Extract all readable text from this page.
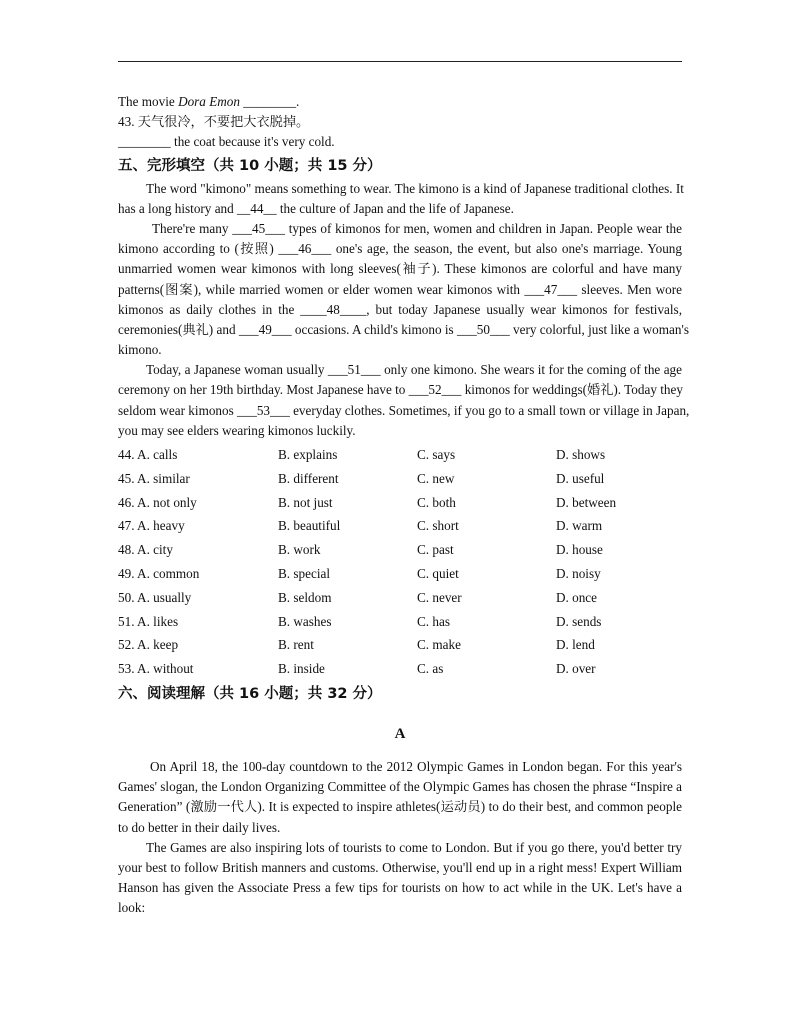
The movie Dora Emon ________.
43. 天气很冷，不要把大衣脱掉。
________ the coat because it's very cold.
五、完形填空（共 10 小题；共 15 分）
The word "kimono" means something to wear. The kimono is a kind of Japanese traditional clothes. It
has a long history and __44__ the culture of Japan and the life of Japanese.
There're many ___45___ types of kimonos for men, women and children in Japan. People wear the
kimono according to (按照) ___46___ one's age, the season, the event, but also one's marriage. Young
unmarried women wear kimonos with long sleeves(袖子). These kimonos are colorful and have many
patterns(图案), while married women or elder women wear kimonos with ___47___ sleeves. Men wore
kimonos as daily clothes in the ____48____, but today Japanese usually wear kimonos for festivals,
ceremonies(典礼) and ___49___ occasions. A child's kimono is ___50___ very colorful, just like a woman's
kimono.
Today, a Japanese woman usually ___51___ only one kimono. She wears it for the coming of the age
ceremony on her 19th birthday. Most Japanese have to ___52___ kimonos for weddings(婚礼). Today they
seldom wear kimonos ___53___ everyday clothes. Sometimes, if you go to a small town or village in Japan,
you may see elders wearing kimonos luckily.
44. A. calls	B. explains	C. says	D. shows
45. A. similar	B. different	C. new	D. useful
46. A. not only	B. not just	C. both	D. between
47. A. heavy	B. beautiful	C. short	D. warm
48. A. city	B. work	C. past	D. house
49. A. common	B. special	C. quiet	D. noisy
50. A. usually	B. seldom	C. never	D. once
51. A. likes	B. washes	C. has	D. sends
52. A. keep	B. rent	C. make	D. lend
53. A. without	B. inside	C. as	D. over
六、阅读理解（共 16 小题；共 32 分）
A
On April 18, the 100-day countdown to the 2012 Olympic Games in London began. For this year's
Games' slogan, the London Organizing Committee of the Olympic Games has chosen the phrase “Inspire a
Generation” (激励一代人). It is expected to inspire athletes(运动员) to do their best, and common people
to do better in their daily lives.
The Games are also inspiring lots of tourists to come to London. But if you go there, you'd better try
your best to follow British manners and customs. Otherwise, you'll end up in a right mess! Expert William
Hanson has given the Associate Press a few tips for tourists on how to act while in the UK. Let's have a
look:
